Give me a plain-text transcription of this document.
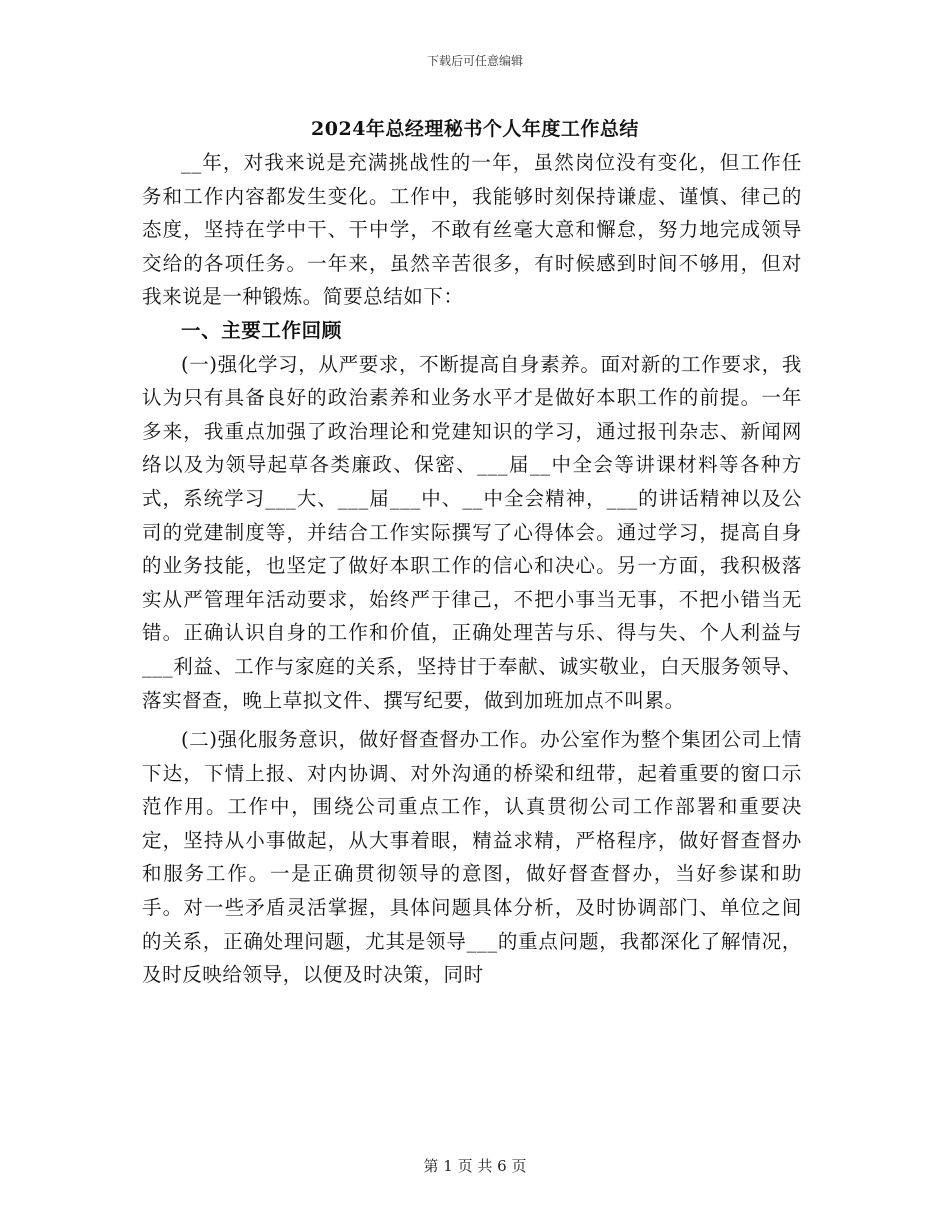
下载后可任意编辑
2024年总经理秘书个人年度工作总结

__年，对我来说是充满挑战性的一年，虽然岗位没有变化，但工作任务和工作内容都发生变化。工作中，我能够时刻保持谦虚、谨慎、律己的态度，坚持在学中干、干中学，不敢有丝毫大意和懈怠，努力地完成领导交给的各项任务。一年来，虽然辛苦很多，有时候感到时间不够用，但对我来说是一种锻炼。简要总结如下：

一、主要工作回顾

(一)强化学习，从严要求，不断提高自身素养。面对新的工作要求，我认为只有具备良好的政治素养和业务水平才是做好本职工作的前提。一年多来，我重点加强了政治理论和党建知识的学习，通过报刊杂志、新闻网络以及为领导起草各类廉政、保密、___届__中全会等讲课材料等各种方式，系统学习___大、___届___中、__中全会精神，___的讲话精神以及公司的党建制度等，并结合工作实际撰写了心得体会。通过学习，提高自身的业务技能，也坚定了做好本职工作的信心和决心。另一方面，我积极落实从严管理年活动要求，始终严于律己，不把小事当无事，不把小错当无错。正确认识自身的工作和价值，正确处理苦与乐、得与失、个人利益与___利益、工作与家庭的关系，坚持甘于奉献、诚实敬业，白天服务领导、落实督查，晚上草拟文件、撰写纪要，做到加班加点不叫累。

(二)强化服务意识，做好督查督办工作。办公室作为整个集团公司上情下达，下情上报、对内协调、对外沟通的桥梁和纽带，起着重要的窗口示范作用。工作中，围绕公司重点工作，认真贯彻公司工作部署和重要决定，坚持从小事做起，从大事着眼，精益求精，严格程序，做好督查督办和服务工作。一是正确贯彻领导的意图，做好督查督办，当好参谋和助手。对一些矛盾灵活掌握，具体问题具体分析，及时协调部门、单位之间的关系，正确处理问题，尤其是领导___的重点问题，我都深化了解情况，及时反映给领导，以便及时决策，同时

第 1 页 共 6 页
